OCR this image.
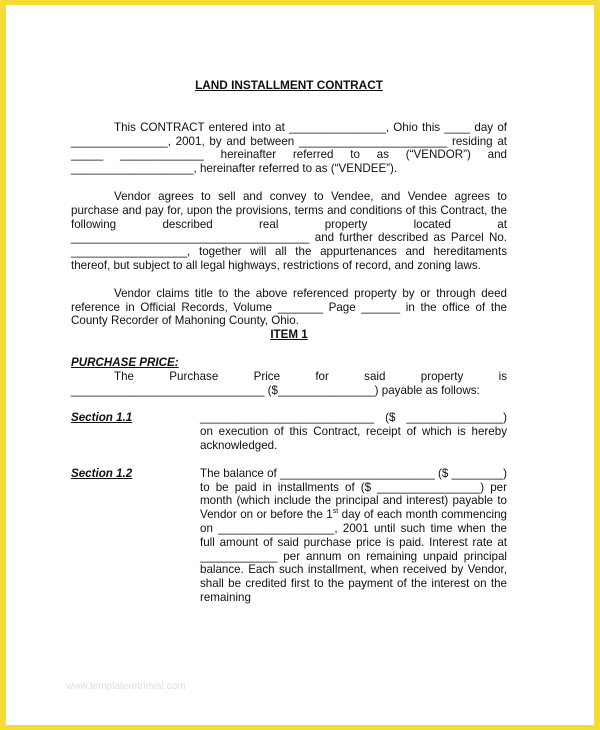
LAND INSTALLMENT CONTRACT

This CONTRACT entered into at _______________, Ohio this ____ day of _______________, 2001, by and between _______________________ residing at _____ _____________ hereinafter referred to as (“VENDOR”) and ___________________, hereinafter referred to as (“VENDEE”).

Vendor agrees to sell and convey to Vendee, and Vendee agrees to purchase and pay for, upon the provisions, terms and conditions of this Contract, the following described real property located at _____________________________________ and further described as Parcel No. __________________, together will all the appurtenances and hereditaments thereof, but subject to all legal highways, restrictions of record, and zoning laws.

Vendor claims title to the above referenced property by or through deed reference in Official Records, Volume _______ Page ______ in the office of the County Recorder of Mahoning County, Ohio.

ITEM 1
PURCHASE PRICE:

The Purchase Price for said property is ______________________________ ($_______________) payable as follows:

Section 1.1	___________________________ ($ _______________) on execution of this Contract, receipt of which is hereby acknowledged.

Section 1.2	The balance of ________________________ ($ ________) to be paid in installments of ($ ________________) per month (which include the principal and interest) payable to Vendor on or before the 1st day of each month commencing on __________________, 2001 until such time when the full amount of said purchase price is paid. Interest rate at ____________ per annum on remaining unpaid principal balance. Each such installment, when received by Vendor, shall be credited first to the payment of the interest on the remaining

www.templateretrieval.com
